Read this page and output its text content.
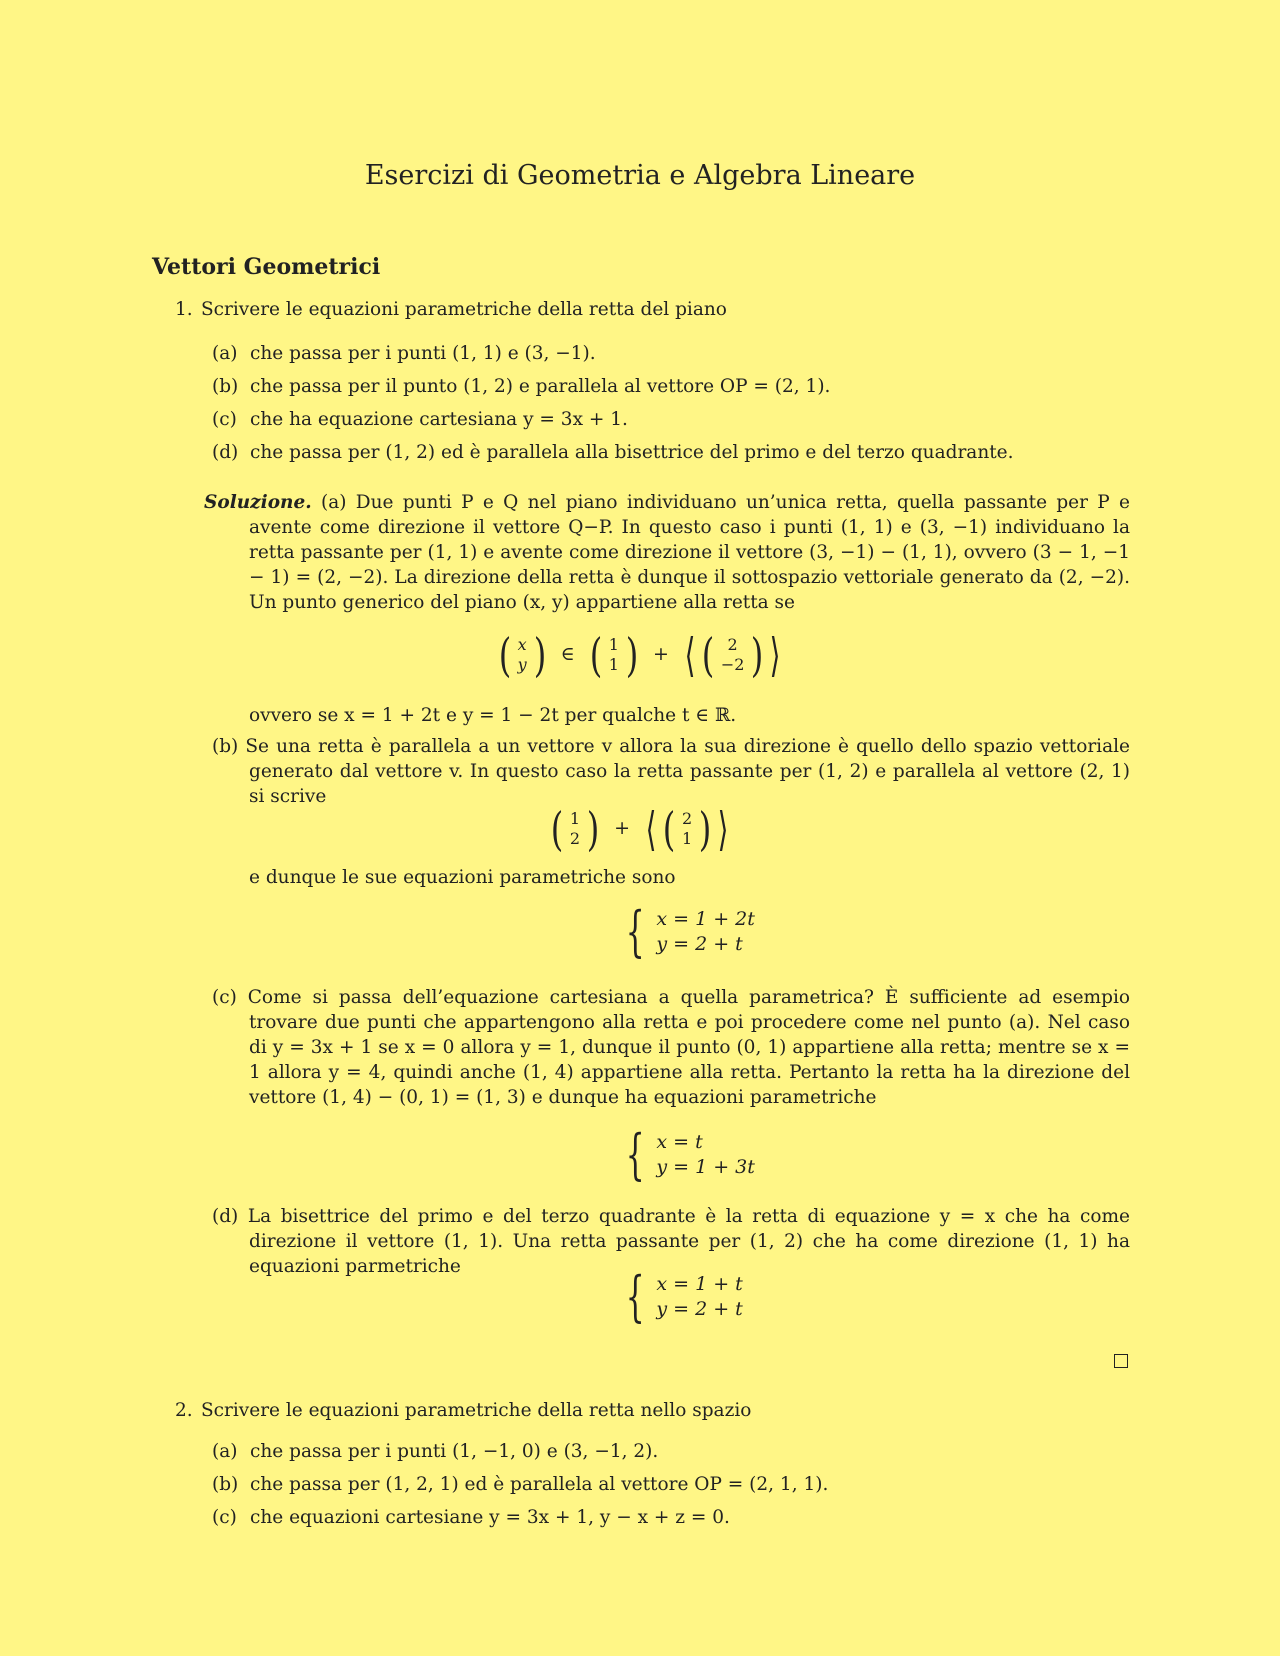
Esercizi di Geometria e Algebra Lineare
Vettori Geometrici
1. Scrivere le equazioni parametriche della retta del piano
(a) che passa per i punti (1, 1) e (3, −1).
(b) che passa per il punto (1, 2) e parallela al vettore OP = (2, 1).
(c) che ha equazione cartesiana y = 3x + 1.
(d) che passa per (1, 2) ed è parallela alla bisettrice del primo e del terzo quadrante.
Soluzione. (a) Due punti P e Q nel piano individuano un’unica retta, quella passante per P e avente come direzione il vettore Q−P. In questo caso i punti (1, 1) e (3, −1) individuano la retta passante per (1, 1) e avente come direzione il vettore (3, −1) − (1, 1), ovvero (3 − 1, −1 − 1) = (2, −2). La direzione della retta è dunque il sottospazio vettoriale generato da (2, −2). Un punto generico del piano (x, y) appartiene alla retta se
( x
y ) ∈ ( 1
1 ) + ⟨ ( 2
−2 ) ⟩
ovvero se x = 1 + 2t e y = 1 − 2t per qualche t ∈ ℝ.
(b) Se una retta è parallela a un vettore v allora la sua direzione è quello dello spazio vettoriale generato dal vettore v. In questo caso la retta passante per (1, 2) e parallela al vettore (2, 1) si scrive
( 1
2 ) + ⟨ ( 2
1 ) ⟩
e dunque le sue equazioni parametriche sono
{ x = 1 + 2t
y = 2 + t
(c) Come si passa dell’equazione cartesiana a quella parametrica? È sufficiente ad esempio trovare due punti che appartengono alla retta e poi procedere come nel punto (a). Nel caso di y = 3x + 1 se x = 0 allora y = 1, dunque il punto (0, 1) appartiene alla retta; mentre se x = 1 allora y = 4, quindi anche (1, 4) appartiene alla retta. Pertanto la retta ha la direzione del vettore (1, 4) − (0, 1) = (1, 3) e dunque ha equazioni parametriche
{ x = t
y = 1 + 3t
(d) La bisettrice del primo e del terzo quadrante è la retta di equazione y = x che ha come direzione il vettore (1, 1). Una retta passante per (1, 2) che ha come direzione (1, 1) ha equazioni parmetriche	{ x = 1 + t
y = 2 + t
2. Scrivere le equazioni parametriche della retta nello spazio
(a) che passa per i punti (1, −1, 0) e (3, −1, 2).
(b) che passa per (1, 2, 1) ed è parallela al vettore OP = (2, 1, 1).
(c) che equazioni cartesiane y = 3x + 1, y − x + z = 0.
